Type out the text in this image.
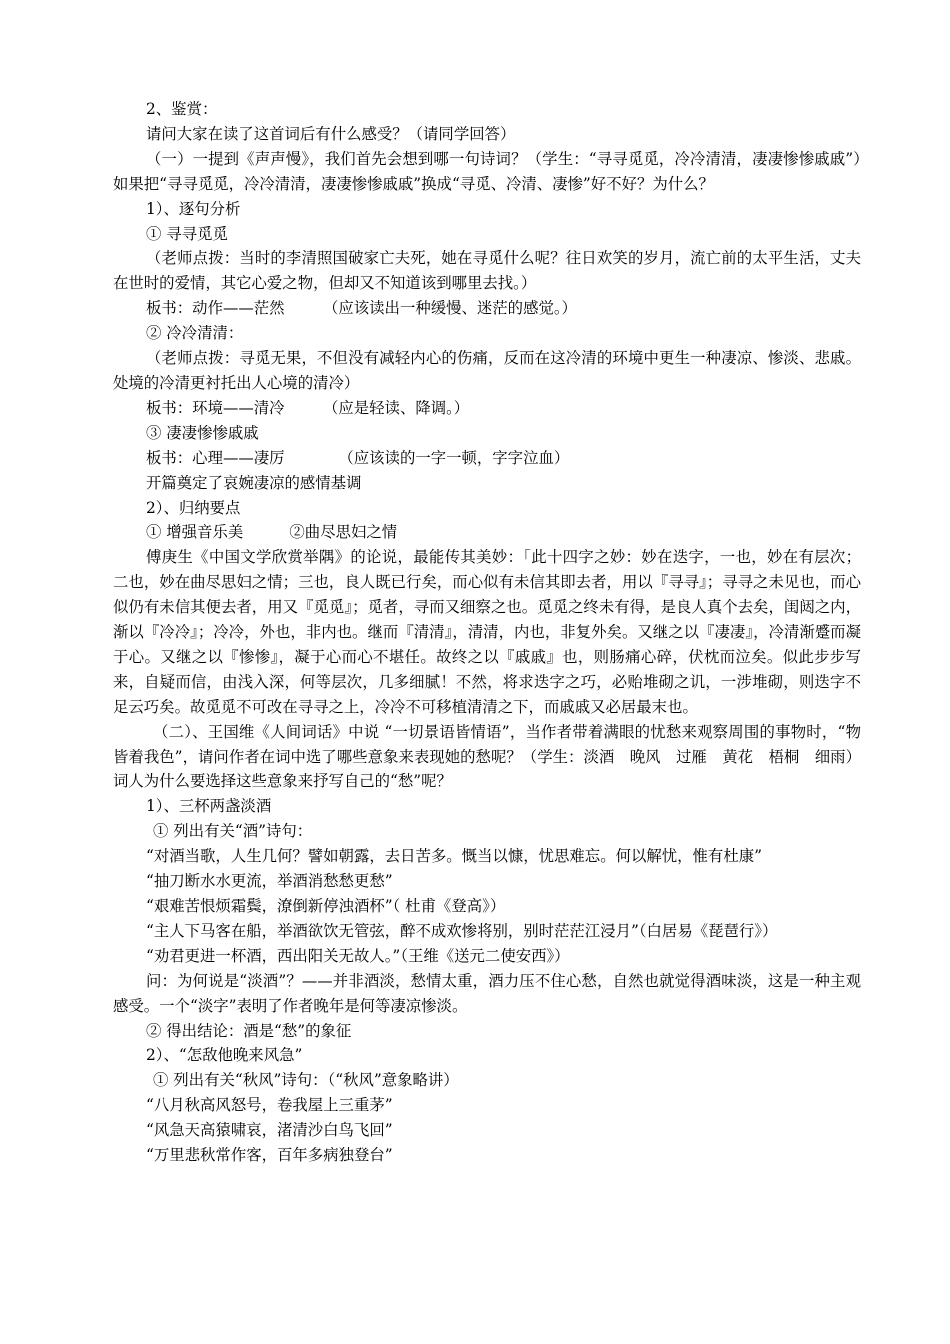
2、鉴赏：

请问大家在读了这首词后有什么感受？（请同学回答）

（一）一提到《声声慢》，我们首先会想到哪一句诗词？（学生：“寻寻觅觅，冷冷清清，凄凄惨惨戚戚”）如果把“寻寻觅觅，冷冷清清，凄凄惨惨戚戚”换成“寻觅、冷清、凄惨”好不好？为什么？

1）、逐句分析

① 寻寻觅觅

（老师点拨：当时的李清照国破家亡夫死，她在寻觅什么呢？往日欢笑的岁月，流亡前的太平生活，丈夫在世时的爱情，其它心爱之物，但却又不知道该到哪里去找。）

板书：动作——茫然　　　（应该读出一种缓慢、迷茫的感觉。）

② 冷冷清清：

（老师点拨：寻觅无果，不但没有减轻内心的伤痛，反而在这冷清的环境中更生一种凄凉、惨淡、悲戚。处境的冷清更衬托出人心境的清冷）

板书：环境——清冷　　　（应是轻读、降调。）

③ 凄凄惨惨戚戚

板书：心理——凄厉　　　　（应该读的一字一顿，字字泣血）

开篇奠定了哀婉凄凉的感情基调

2）、归纳要点

① 增强音乐美　　　②曲尽思妇之情

傅庚生《中国文学欣赏举隅》的论说，最能传其美妙：「此十四字之妙：妙在迭字，一也，妙在有层次；二也，妙在曲尽思妇之情；三也，良人既已行矣，而心似有未信其即去者，用以『寻寻』；寻寻之未见也，而心似仍有未信其便去者，用又『觅觅』；觅者，寻而又细察之也。觅觅之终未有得，是良人真个去矣，闺闼之内，渐以『冷冷』；冷冷，外也，非内也。继而『清清』，清清，内也，非复外矣。又继之以『凄凄』，冷清渐蹙而凝于心。又继之以『惨惨』，凝于心而心不堪任。故终之以『戚戚』也，则肠痛心碎，伏枕而泣矣。似此步步写来，自疑而信，由浅入深，何等层次，几多细腻！不然，将求迭字之巧，必贻堆砌之讥，一涉堆砌，则迭字不足云巧矣。故觅觅不可改在寻寻之上，冷冷不可移植清清之下，而戚戚又必居最末也。

（二）、王国维《人间词话》中说 “一切景语皆情语”，当作者带着满眼的忧愁来观察周围的事物时，“物皆着我色”，请问作者在词中选了哪些意象来表现她的愁呢？（学生：淡酒　晚风　过雁　黄花　梧桐　细雨）词人为什么要选择这些意象来抒写自己的“愁”呢？

1）、三杯两盏淡酒

① 列出有关“酒”诗句：

“对酒当歌，人生几何？譬如朝露，去日苦多。慨当以慷，忧思难忘。何以解忧，惟有杜康”

“抽刀断水水更流，举酒消愁愁更愁”

“艰难苦恨烦霜鬓，潦倒新停浊酒杯”（ 杜甫《登高》）

“主人下马客在船，举酒欲饮无管弦，醉不成欢惨将别，别时茫茫江浸月”（白居易《琵琶行》）

“劝君更进一杯酒，西出阳关无故人。”（王维《送元二使安西》）

问：为何说是“淡酒”？——并非酒淡，愁情太重，酒力压不住心愁，自然也就觉得酒味淡，这是一种主观感受。一个“淡字”表明了作者晚年是何等凄凉惨淡。

② 得出结论：酒是“愁”的象征

2）、“怎敌他晚来风急”

① 列出有关“秋风”诗句：（“秋风”意象略讲）

“八月秋高风怒号，卷我屋上三重茅”

“风急天高猿啸哀，渚清沙白鸟飞回”

“万里悲秋常作客，百年多病独登台”
